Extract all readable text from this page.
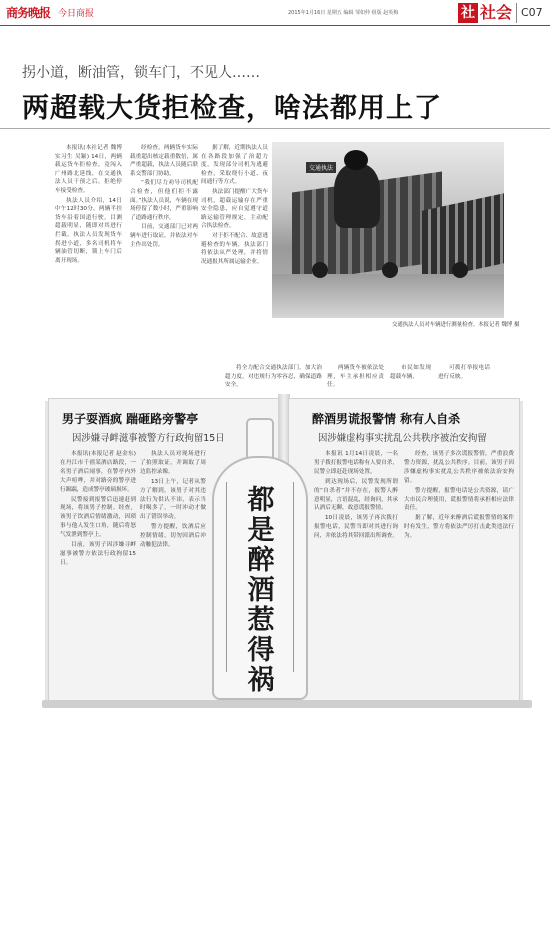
商务晚报 今日商报	2015年1月16日 星期五 编辑 邹如仲 组版 赵英梅	社 社会 C07
拐小道，断油管，锁车门，不见人……
两超载大货拒检查，啥法都用上了

本报讯(本社记者 魏博 实习生 吴颖) 14日，两辆载运货车拒检查，竟闯入广州路北延线，在交通执法人员干预之后，拒绝停车接受检查。

执法人员介绍，14日中午12时30分，两辆半挂货车沿着国道行驶，目测超载明显，随即对其进行拦截。执法人员发现货车拐进小道，多名司机将车辆油管切断，锁上车门后离开现场。

经检查，两辆货车实际载重超出核定载重数倍，属严重超载，执法人员随后联系交警部门协助。

“我们尽力劝导司机配合检查，但他们拒不露面。”执法人员说，车辆在现场停留了数小时，严重影响了道路通行秩序。

目前，交通部门已对两辆车进行取证，并依法对车主作出处罚。

据了解，近期执法人员在各路段加强了治超力度，发现部分司机为逃避检查，采取绕行小道、夜间通行等方式。

执法部门提醒广大货车司机，超载运输存在严重安全隐患，应自觉遵守道路运输管理规定，主动配合执法检查。

对于拒不配合、故意逃避检查的车辆，执法部门将依法从严处理，并将情况通报其所属运输企业。

将全力配合交通执法部门，加大治超力度，对违规行为零容忍，确保道路安全。

两辆货车被依法处理，车主承担相应责任。

市民如发现超载车辆，

可拨打举报电话进行反映。

交通执法
交通执法人员对车辆进行测量检查。本报记者 魏博 摄
男子耍酒疯 踹砸路旁警亭
因涉嫌寻衅滋事被警方行政拘留15日

本报讯(本报记者 赵金东) 在丹江市千禧某酒店路段，一名男子酒后闹事，在警亭内外大声喧哗，并对路旁的警亭进行踢踹，造成警亭玻璃损坏。

民警接到报警后迅速赶到现场，将该男子控制。经查，该男子饮酒后情绪激动，因琐事与他人发生口角，随后将怒气发泄到警亭上。

目前，该男子因涉嫌寻衅滋事被警方依法行政拘留15日。

执法人员对现场进行了拍照取证，并调取了周边监控录像。

13日上午，记者从警方了解到，该男子对其违法行为供认不讳，表示当时喝多了，一时冲动才做出了错误举动。

警方提醒，饮酒后应控制情绪，切勿因酒后冲动触犯法律。

醉酒男谎报警情 称有人自杀
因涉嫌虚构事实扰乱公共秩序被治安拘留

本报讯 1月14日凌晨，一名男子拨打报警电话称有人要自杀，民警立即赶赴现场处置。

到达现场后，民警发现所谓的“自杀者”并不存在，报警人醉意明显，言语混乱，经询问，其承认酒后无聊，故意谎报警情。

10日凌晨，该男子再次拨打报警电话，民警当即对其进行询问，并依法将其带回派出所调查。

经查，该男子多次谎报警情，严重浪费警力资源，扰乱公共秩序。目前，该男子因涉嫌虚构事实扰乱公共秩序被依法治安拘留。

警方提醒，报警电话是公共资源，请广大市民合理使用，谎报警情将承担相应法律责任。

据了解，近年来醉酒后谎报警情的案件时有发生，警方将依法严厉打击此类违法行为。

都
是
醉
酒
惹
得
祸
